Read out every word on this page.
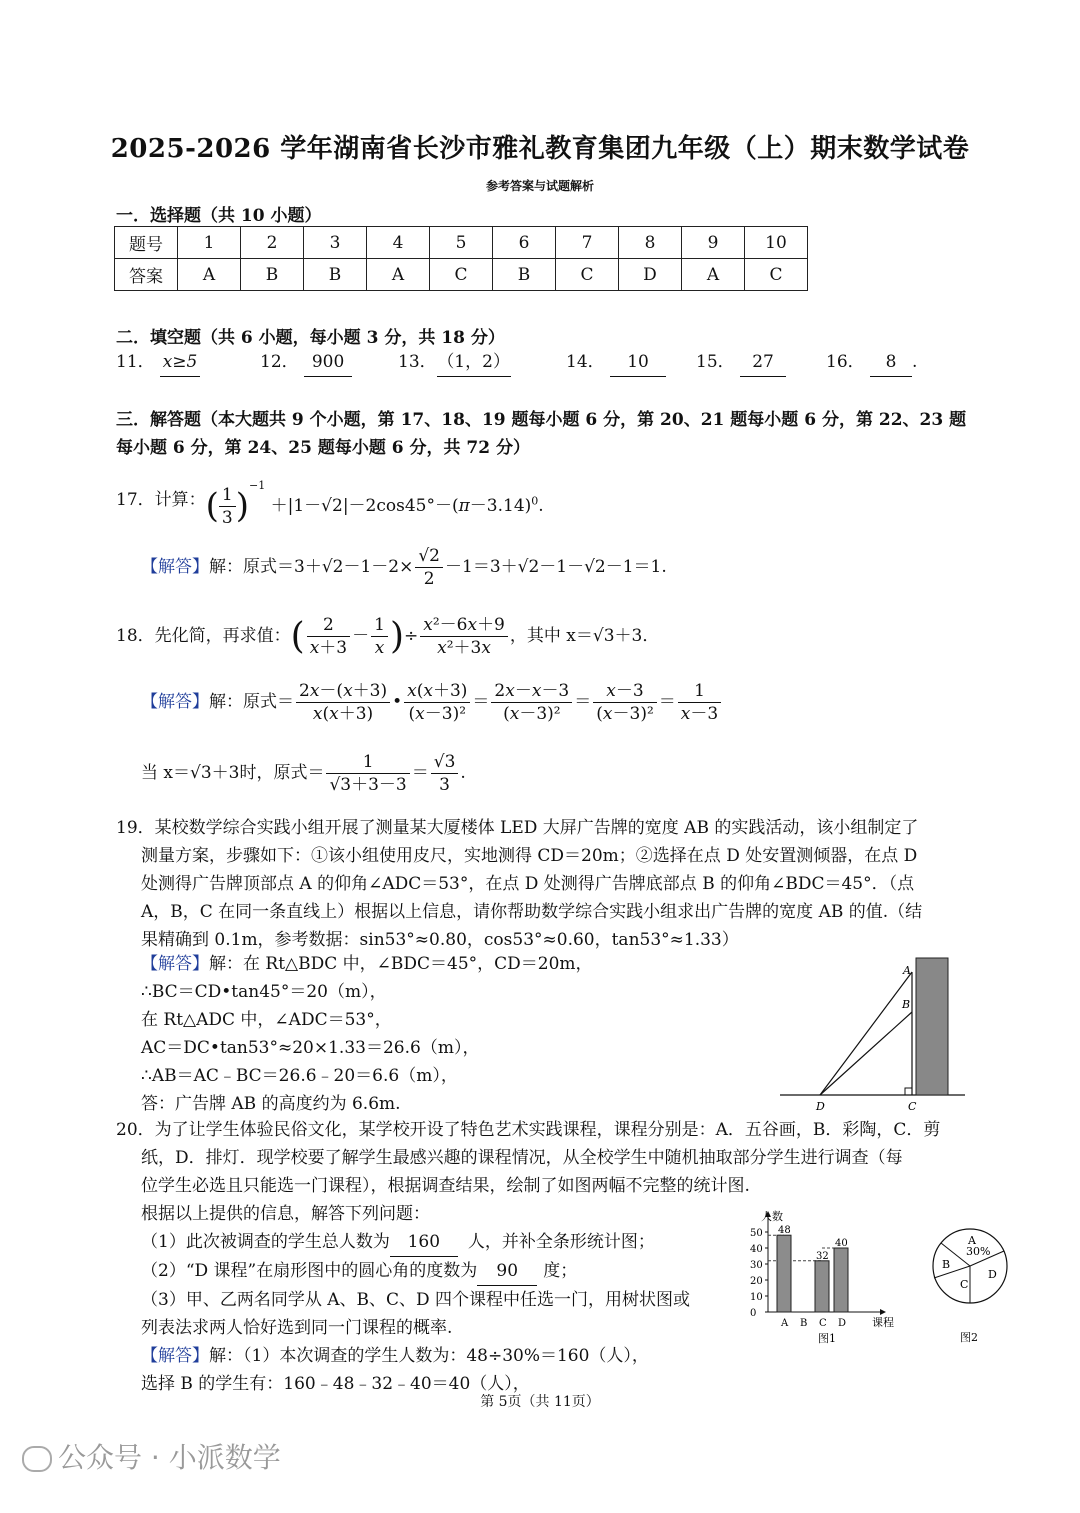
2025-2026 学年湖南省长沙市雅礼教育集团九年级（上）期末数学试卷
参考答案与试题解析
一．选择题（共 10 小题）
题号	1	2	3	4	5	6	7	8	9	10
答案	A	B	B	A	C	B	C	D	A	C
二．填空题（共 6 小题，每小题 3 分，共 18 分）
11． x≥5	12． 900	13．（1，2）	14． 10	15． 27	16． 8 .
三．解答题（本大题共 9 个小题，第 17、18、19 题每小题 6 分，第 20、21 题每小题 6 分，第 22、23 题
每小题 6 分，第 24、25 题每小题 6 分，共 72 分）
17．计算： ( $\frac{1}{3} )^{-1} +|1-√2|-2\cos 45^\circ-(\pi-3.14)^0$.
【解答】 解：原式$=3+√2-1-2\times \frac{√2}{2} -1=3+√2-1-√2-1=1$.
18．先化简，再求值： ( $\frac{2}{x+3} - \frac{1}{x}$ ) ÷ $\frac{\text{x²－6x＋9}}{\text{x²＋3x}}$ ，其中 x＝√3＋3．
【解答】 解：原式＝ $\frac{2x-(x+3)}{x(x+3)}$ • $\frac{x(x+3)}{\text{(x－3)²}} = \frac{2x-x-3}{\text{(x－3)²}} = \frac{x-3}{\text{(x－3)²}} = \frac{1}{x-3}$
当 x＝√3＋3时，原式＝ $\frac{1}{√3+3-3} = \frac{√3}{3}$ .
19．某校数学综合实践小组开展了测量某大厦楼体 LED 大屏广告牌的宽度 AB 的实践活动，该小组制定了
测量方案，步骤如下：①该小组使用皮尺，实地测得 CD＝20m；②选择在点 D 处安置测倾器，在点 D
处测得广告牌顶部点 A 的仰角∠ADC＝53°，在点 D 处测得广告牌底部点 B 的仰角∠BDC＝45°．（点
A，B，C 在同一条直线上）根据以上信息，请你帮助数学综合实践小组求出广告牌的宽度 AB 的值.（结
果精确到 0.1m，参考数据：sin53°≈0.80，cos53°≈0.60，tan53°≈1.33）
【解答】解：在 Rt△BDC 中，∠BDC＝45°，CD＝20m，
∴BC＝CD•tan45°＝20（m），
在 Rt△ADC 中，∠ADC＝53°，
AC＝DC•tan53°≈20×1.33＝26.6（m），
∴AB＝AC﹣BC＝26.6﹣20＝6.6（m），
答：广告牌 AB 的高度约为 6.6m.
A
B
C
D
20．为了让学生体验民俗文化，某学校开设了特色艺术实践课程，课程分别是：A．五谷画，B．彩陶，C．剪
纸，D．排灯．现学校要了解学生最感兴趣的课程情况，从全校学生中随机抽取部分学生进行调查（每
位学生必选且只能选一门课程），根据调查结果，绘制了如图两幅不完整的统计图.
根据以上提供的信息，解答下列问题：
（1）此次被调查的学生总人数为 160 人，并补全条形统计图；
（2）“D 课程”在扇形图中的圆心角的度数为 90 度；
（3）甲、乙两名同学从 A、B、C、D 四个课程中任选一门，用树状图或
列表法求两人恰好选到同一门课程的概率.
【解答】解：（1）本次调查的学生人数为：48÷30%＝160（人），
选择 B 的学生有：160﹣48﹣32﹣40＝40（人），
0
10
20
30
40
50 48
A B
32
C
40
D
人数
课程
图1
A
30%
B
C
D
图2
第 5页（共 11页）
公众号 · 小派数学
